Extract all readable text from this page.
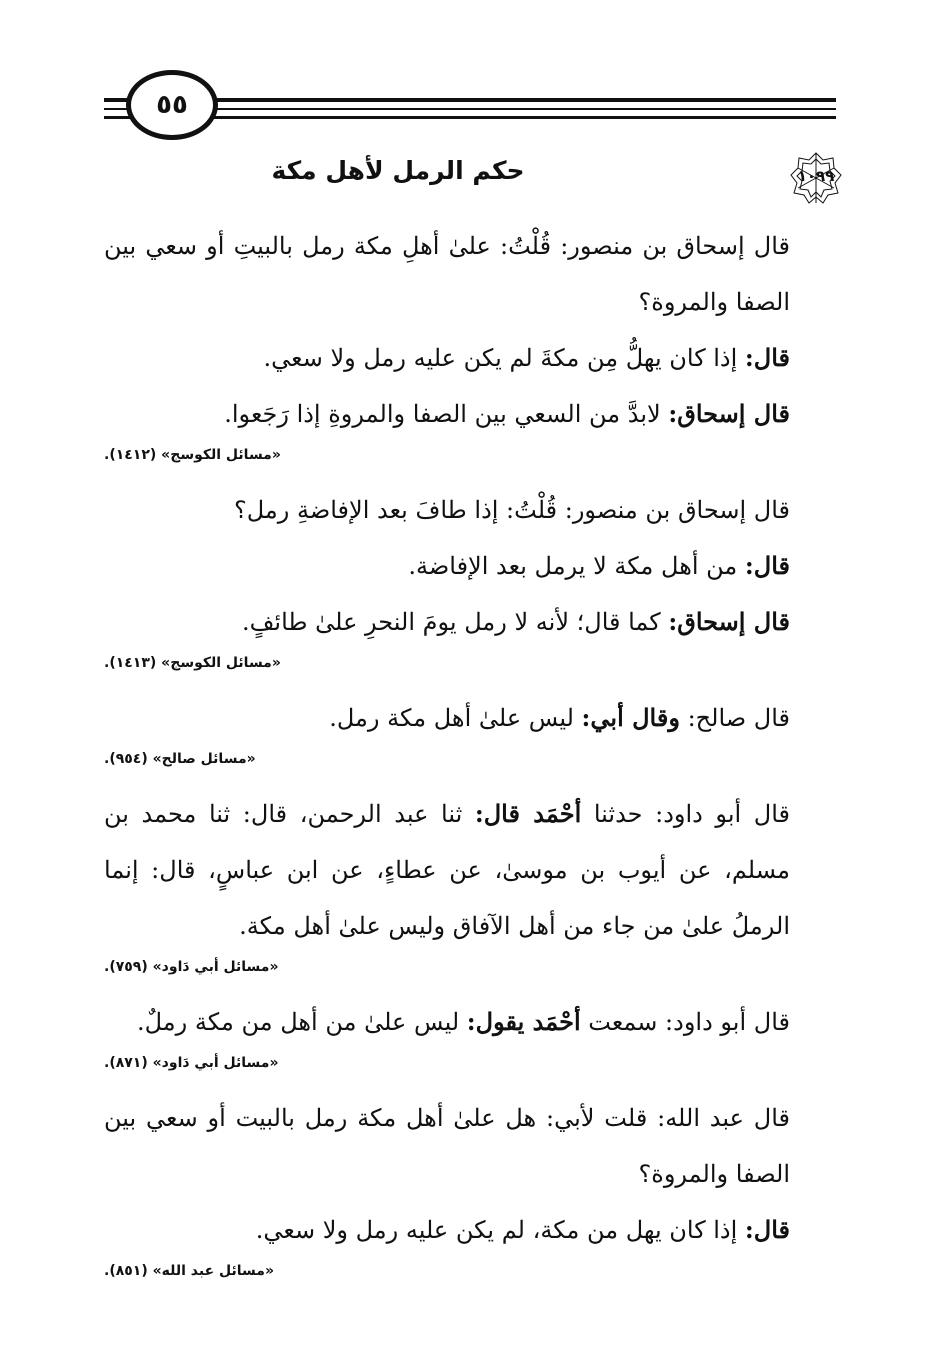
٥٥
حكم الرمل لأهل مكة	١٠٩٩

قال إسحاق بن منصور: قُلْتُ: علىٰ أهلِ مكة رمل بالبيتِ أو سعي بين الصفا والمروة؟

قال: إذا كان يهلُّ مِن مكةَ لم يكن عليه رمل ولا سعي.

قال إسحاق: لابدَّ من السعي بين الصفا والمروةِ إذا رَجَعوا.

«مسائل الكوسج» (١٤١٢).

قال إسحاق بن منصور: قُلْتُ: إذا طافَ بعد الإفاضةِ رمل؟

قال: من أهل مكة لا يرمل بعد الإفاضة.

قال إسحاق: كما قال؛ لأنه لا رمل يومَ النحرِ علىٰ طائفٍ.

«مسائل الكوسج» (١٤١٣).

قال صالح: وقال أبي: ليس علىٰ أهل مكة رمل.

«مسائل صالح» (٩٥٤).

قال أبو داود: حدثنا أحْمَد قال: ثنا عبد الرحمن، قال: ثنا محمد بن مسلم، عن أيوب بن موسىٰ، عن عطاءٍ، عن ابن عباسٍ، قال: إنما الرملُ علىٰ من جاء من أهل الآفاق وليس علىٰ أهل مكة.

«مسائل أبي دَاود» (٧٥٩).

قال أبو داود: سمعت أحْمَد يقول: ليس علىٰ من أهل من مكة رملٌ.

«مسائل أبي دَاود» (٨٧١).

قال عبد الله: قلت لأبي: هل علىٰ أهل مكة رمل بالبيت أو سعي بين الصفا والمروة؟

قال: إذا كان يهل من مكة، لم يكن عليه رمل ولا سعي.

«مسائل عبد الله» (٨٥١).
